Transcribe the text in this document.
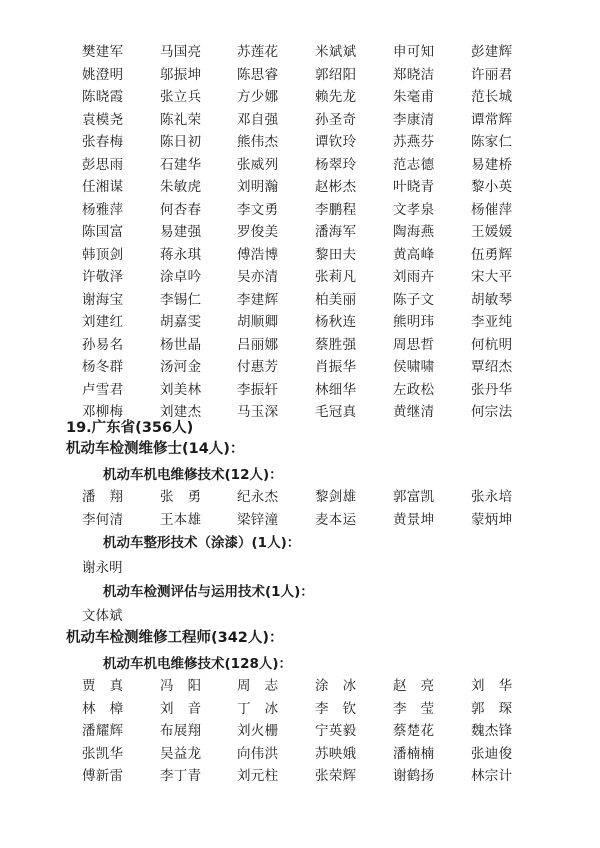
樊建军	马国亮	苏莲花	米斌斌	申可知	彭建辉
姚澄明	邬振坤	陈思睿	郭绍阳	郑晓洁	许丽君
陈晓霞	张立兵	方少娜	赖先龙	朱毫甫	范长城
袁模尧	陈礼荣	邓自强	孙圣奇	李康清	谭常辉
张春梅	陈日初	熊伟杰	谭钦玲	苏燕芬	陈家仁
彭思雨	石建华	张威列	杨翠玲	范志德	易建桥
任湘谋	朱敏虎	刘明瀚	赵彬杰	叶晓青	黎小英
杨雅萍	何杏春	李文勇	李鹏程	文孝泉	杨催萍
陈国富	易建强	罗俊美	潘海军	陶海燕	王媛媛
韩顶剑	蒋永琪	傅浩博	黎田夫	黄高峰	伍勇辉
许敬泽	涂卓吟	吴亦清	张莉凡	刘雨卉	宋大平
谢海宝	李锡仁	李建辉	柏美丽	陈子文	胡敏琴
刘建红	胡嘉雯	胡顺卿	杨秋连	熊明玮	李亚纯
孙易名	杨世晶	吕丽娜	蔡胜强	周思哲	何杭明
杨冬群	汤河金	付惠芳	肖振华	侯啸啸	覃绍杰
卢雪君	刘美林	李振轩	林细华	左政松	张丹华
邓柳梅	刘建杰	马玉深	毛冠真	黄继清	何宗法
19.广东省(356人)
机动车检测维修士(14人)：
机动车机电维修技术(12人)：
潘　翔	张　勇	纪永杰	黎剑雄	郭富凯	张永培
李何清	王本雄	梁锌潼	麦本运	黄景坤	蒙炳坤
机动车整形技术（涂漆）(1人)：
谢永明
机动车检测评估与运用技术(1人)：
文体斌
机动车检测维修工程师(342人)：
机动车机电维修技术(128人)：
贾　真	冯　阳	周　志	涂　冰	赵　亮	刘　华
林　樟	刘　音	丁　冰	李　钦	李　莹	郭　琛
潘耀辉	布展翔	刘火栅	宁英毅	蔡楚花	魏杰锋
张凯华	吴益龙	向伟洪	苏映娥	潘楠楠	张迪俊
傅新雷	李丁青	刘元柱	张荣辉	谢鹤扬	林宗计
